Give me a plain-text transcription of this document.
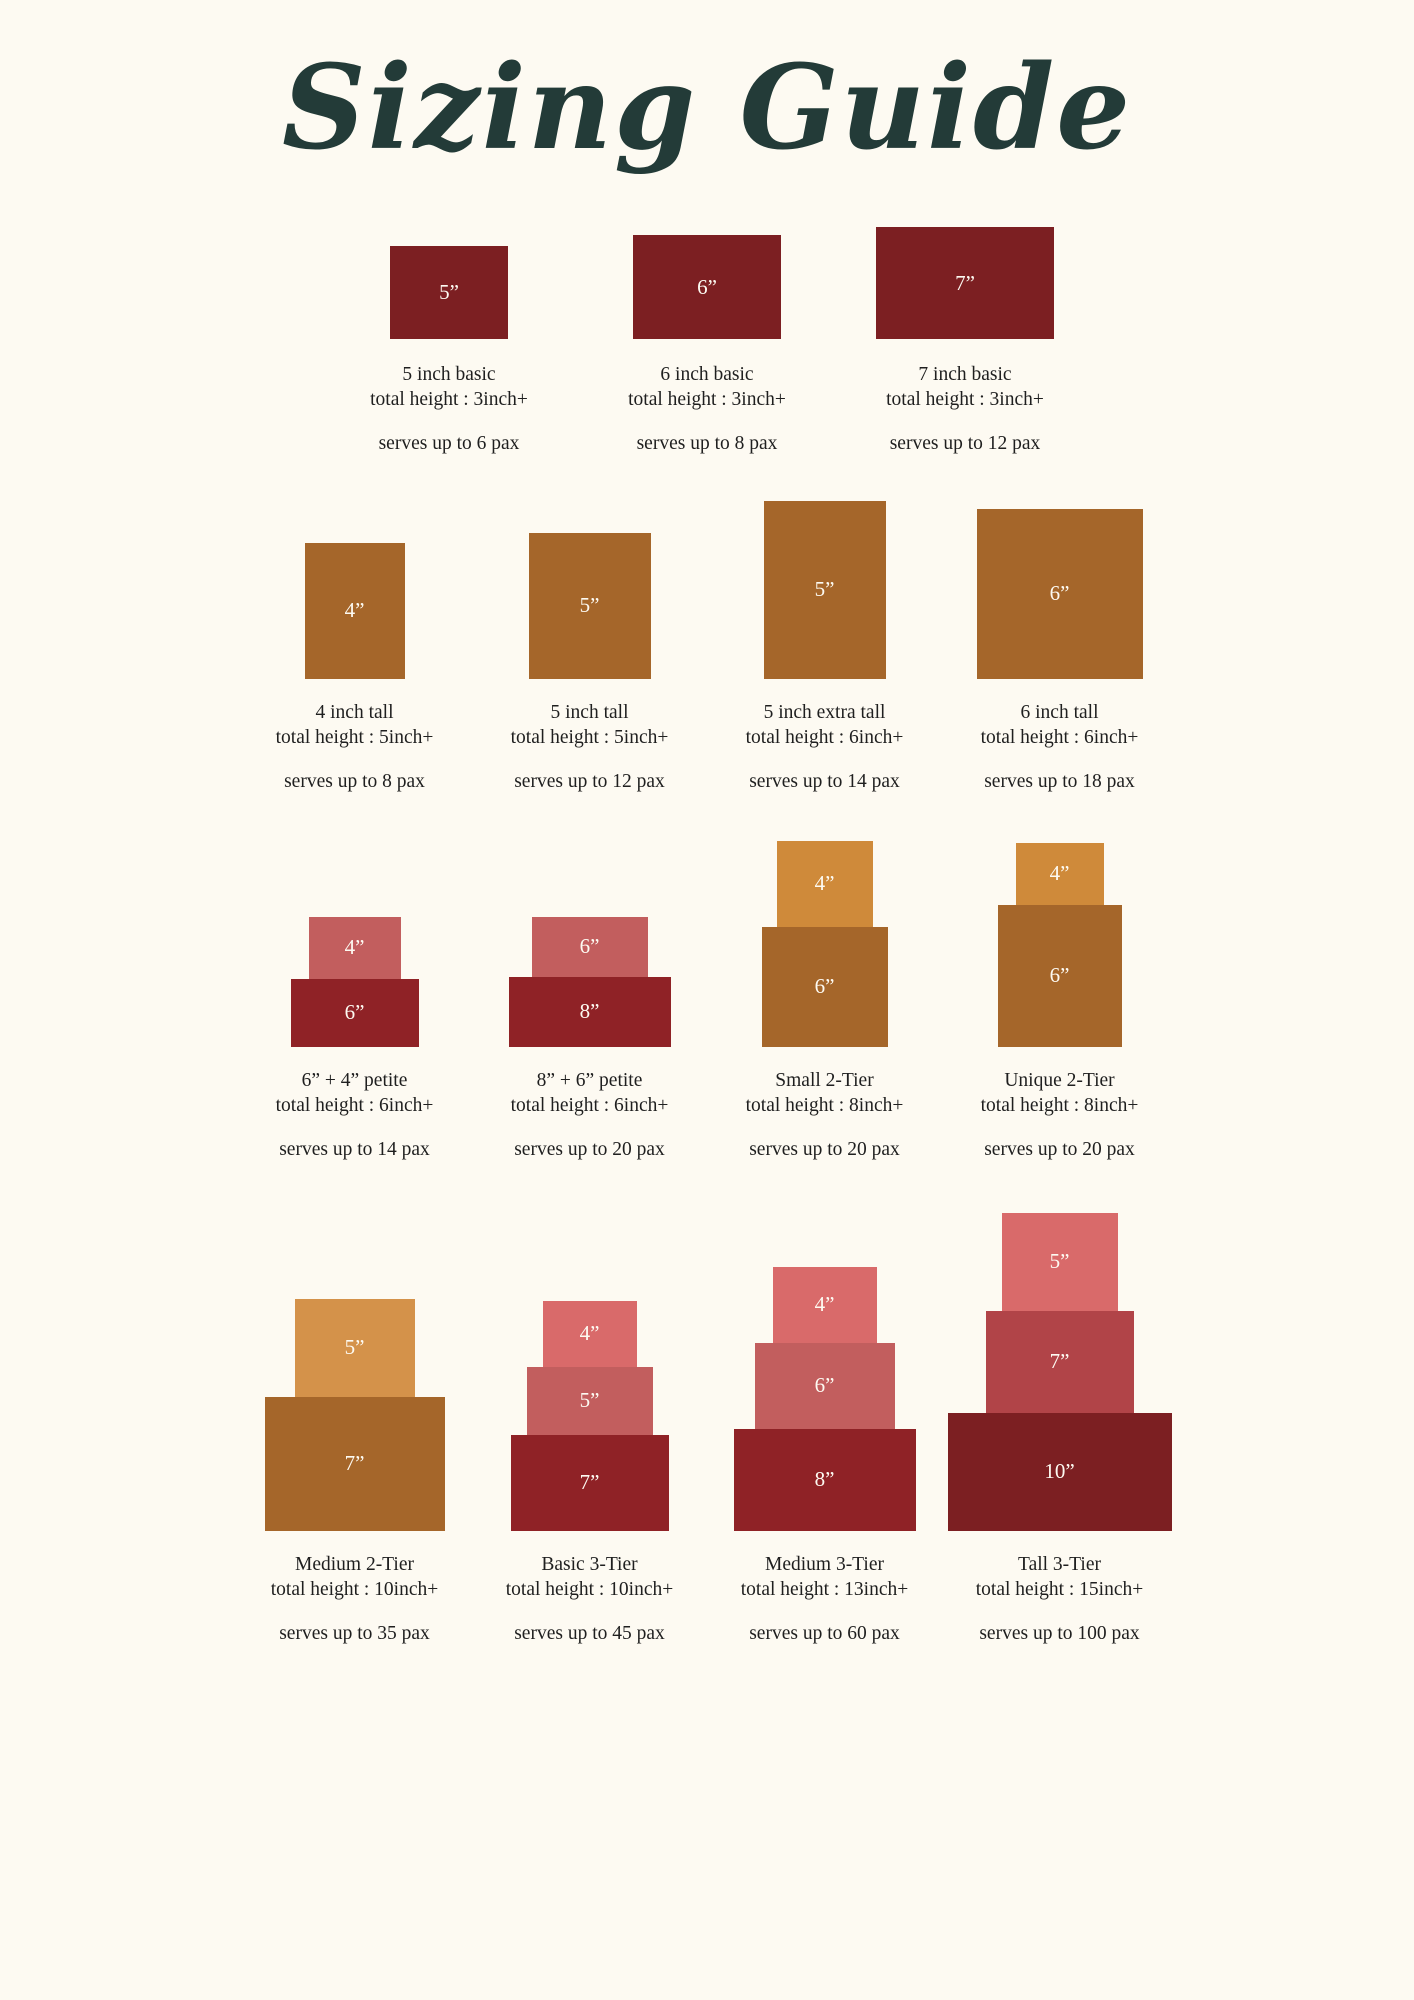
Sizing Guide
5”
5 inch basic
total height : 3inch+
serves up to 6 pax
6”
6 inch basic
total height : 3inch+
serves up to 8 pax
7”
7 inch basic
total height : 3inch+
serves up to 12 pax
4”
4 inch tall
total height : 5inch+
serves up to 8 pax
5”
5 inch tall
total height : 5inch+
serves up to 12 pax
5”
5 inch extra tall
total height : 6inch+
serves up to 14 pax
6”
6 inch tall
total height : 6inch+
serves up to 18 pax
4”
6”
6” + 4” petite
total height : 6inch+
serves up to 14 pax
6”
8”
8” + 6” petite
total height : 6inch+
serves up to 20 pax
4”
6”
Small 2-Tier
total height : 8inch+
serves up to 20 pax
4”
6”
Unique 2-Tier
total height : 8inch+
serves up to 20 pax
5”
7”
Medium 2-Tier
total height : 10inch+
serves up to 35 pax
4”
5”
7”
Basic 3-Tier
total height : 10inch+
serves up to 45 pax
4”
6”
8”
Medium 3-Tier
total height : 13inch+
serves up to 60 pax
5”
7”
10”
Tall 3-Tier
total height : 15inch+
serves up to 100 pax
